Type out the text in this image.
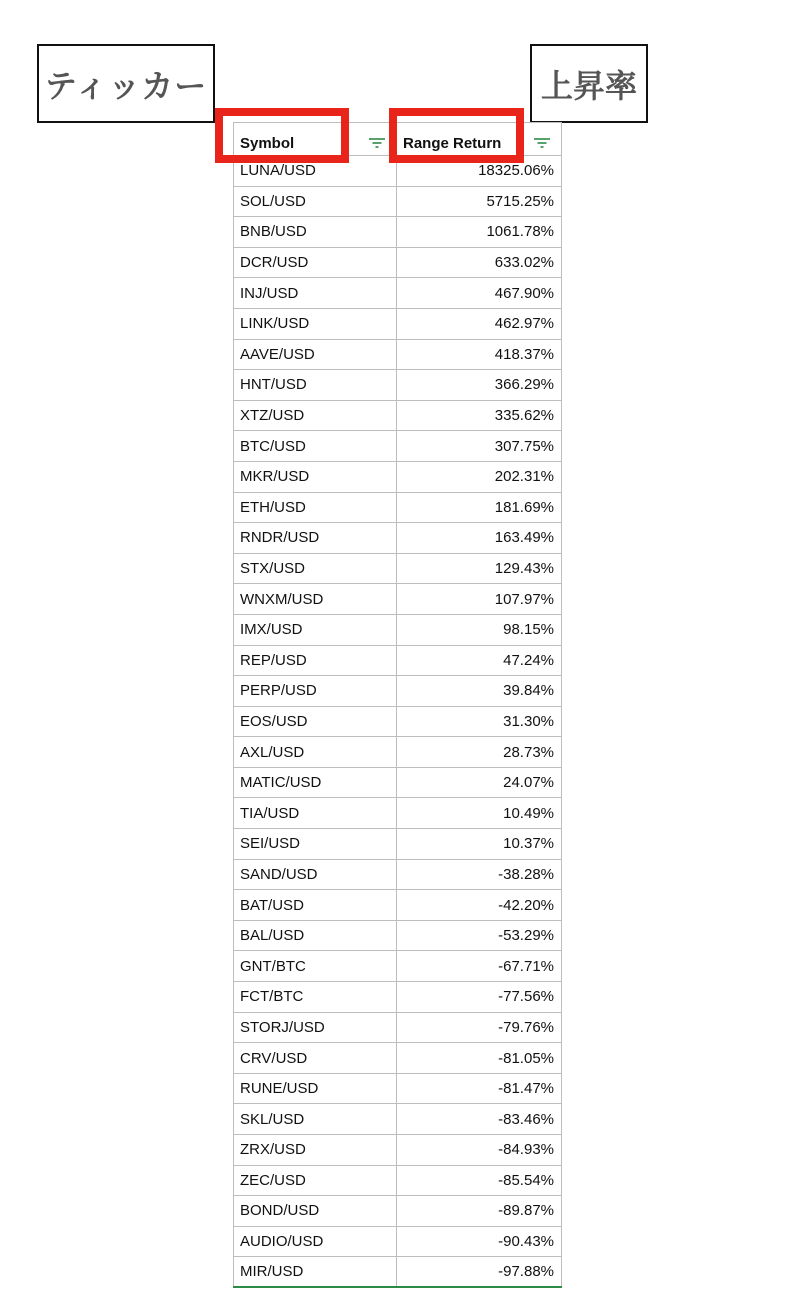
ティッカー	上昇率
Symbol	Range Return
LUNA/USD	18325.06%
SOL/USD	5715.25%
BNB/USD	1061.78%
DCR/USD	633.02%
INJ/USD	467.90%
LINK/USD	462.97%
AAVE/USD	418.37%
HNT/USD	366.29%
XTZ/USD	335.62%
BTC/USD	307.75%
MKR/USD	202.31%
ETH/USD	181.69%
RNDR/USD	163.49%
STX/USD	129.43%
WNXM/USD	107.97%
IMX/USD	98.15%
REP/USD	47.24%
PERP/USD	39.84%
EOS/USD	31.30%
AXL/USD	28.73%
MATIC/USD	24.07%
TIA/USD	10.49%
SEI/USD	10.37%
SAND/USD	-38.28%
BAT/USD	-42.20%
BAL/USD	-53.29%
GNT/BTC	-67.71%
FCT/BTC	-77.56%
STORJ/USD	-79.76%
CRV/USD	-81.05%
RUNE/USD	-81.47%
SKL/USD	-83.46%
ZRX/USD	-84.93%
ZEC/USD	-85.54%
BOND/USD	-89.87%
AUDIO/USD	-90.43%
MIR/USD	-97.88%
